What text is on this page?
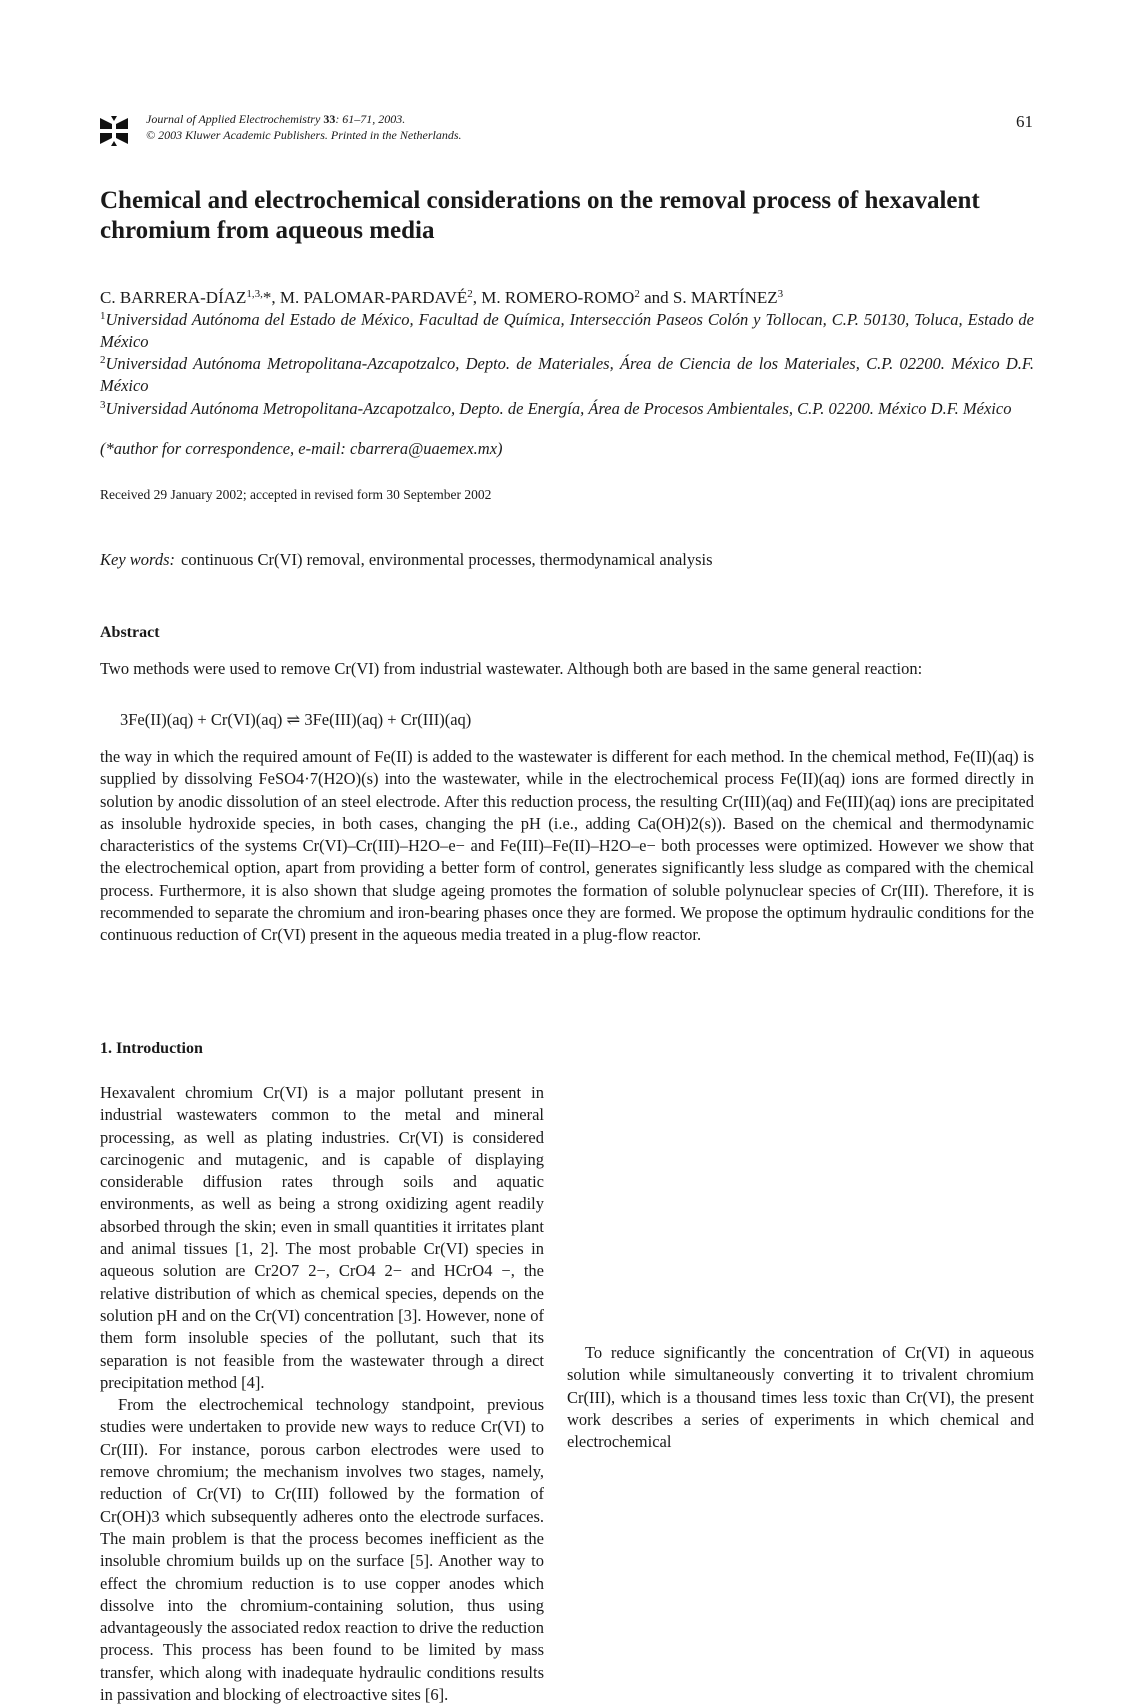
Journal of Applied Electrochemistry 33: 61–71, 2003.
© 2003 Kluwer Academic Publishers. Printed in the Netherlands.
61
Chemical and electrochemical considerations on the removal process of hexavalent chromium from aqueous media
C. BARRERA-$DÍAZ^{1,3,}*$, M. PALOMAR-PARDAVÉ$^2$, M. ROMERO-ROMO$^2$ and S. MARTÍNEZ$^3$
$^1$Universidad Autónoma del Estado de México, Facultad de Química, Intersección Paseos Colón y Tollocan, C.P. 50130, Toluca, Estado de México
$^2$Universidad Autónoma Metropolitana-Azcapotzalco, Depto. de Materiales, Área de Ciencia de los Materiales, C.P. 02200. México D.F. México
$^3$Universidad Autónoma Metropolitana-Azcapotzalco, Depto. de Energía, Área de Procesos Ambientales, C.P. 02200. México D.F. México
(*author for correspondence, e-mail: cbarrera@uaemex.mx)
Received 29 January 2002; accepted in revised form 30 September 2002
Key words: continuous Cr(VI) removal, environmental processes, thermodynamical analysis
Abstract
Two methods were used to remove Cr(VI) from industrial wastewater. Although both are based in the same general reaction:
3Fe(II)(aq) + Cr(VI)(aq) ⇌ 3Fe(III)(aq) + Cr(III)(aq)
the way in which the required amount of Fe(II) is added to the wastewater is different for each method. In the chemical method, Fe(II)(aq) is supplied by dissolving FeSO4·7(H2O)(s) into the wastewater, while in the electrochemical process Fe(II)(aq) ions are formed directly in solution by anodic dissolution of an steel electrode. After this reduction process, the resulting Cr(III)(aq) and Fe(III)(aq) ions are precipitated as insoluble hydroxide species, in both cases, changing the pH (i.e., adding Ca(OH)2(s)). Based on the chemical and thermodynamic characteristics of the systems Cr(VI)–Cr(III)–H2O–e− and Fe(III)–Fe(II)–H2O–e− both processes were optimized. However we show that the electrochemical option, apart from providing a better form of control, generates significantly less sludge as compared with the chemical process. Furthermore, it is also shown that sludge ageing promotes the formation of soluble polynuclear species of Cr(III). Therefore, it is recommended to separate the chromium and iron-bearing phases once they are formed. We propose the optimum hydraulic conditions for the continuous reduction of Cr(VI) present in the aqueous media treated in a plug-flow reactor.
1. Introduction

Hexavalent chromium Cr(VI) is a major pollutant present in industrial wastewaters common to the metal and mineral processing, as well as plating industries. Cr(VI) is considered carcinogenic and mutagenic, and is capable of displaying considerable diffusion rates through soils and aquatic environments, as well as being a strong oxidizing agent readily absorbed through the skin; even in small quantities it irritates plant and animal tissues [1, 2]. The most probable Cr(VI) species in aqueous solution are Cr2O7 2−, CrO4 2− and HCrO4 −, the relative distribution of which as chemical species, depends on the solution pH and on the Cr(VI) concentration [3]. However, none of them form insoluble species of the pollutant, such that its separation is not feasible from the wastewater through a direct precipitation method [4].

From the electrochemical technology standpoint, previous studies were undertaken to provide new ways to reduce Cr(VI) to Cr(III). For instance, porous carbon electrodes were used to remove chromium; the mechanism involves two stages, namely, reduction of Cr(VI) to Cr(III) followed by the formation of Cr(OH)3 which subsequently adheres onto the electrode surfaces. The main problem is that the process becomes inefficient as the insoluble chromium builds up on the surface [5]. Another way to effect the chromium reduction is to use copper anodes which dissolve into the chromium-containing solution, thus using advantageously the associated redox reaction to drive the reduction process. This process has been found to be limited by mass transfer, which along with inadequate hydraulic conditions results in passivation and blocking of electroactive sites [6].

To reduce significantly the concentration of Cr(VI) in aqueous solution while simultaneously converting it to trivalent chromium Cr(III), which is a thousand times less toxic than Cr(VI), the present work describes a series of experiments in which chemical and electrochemical
